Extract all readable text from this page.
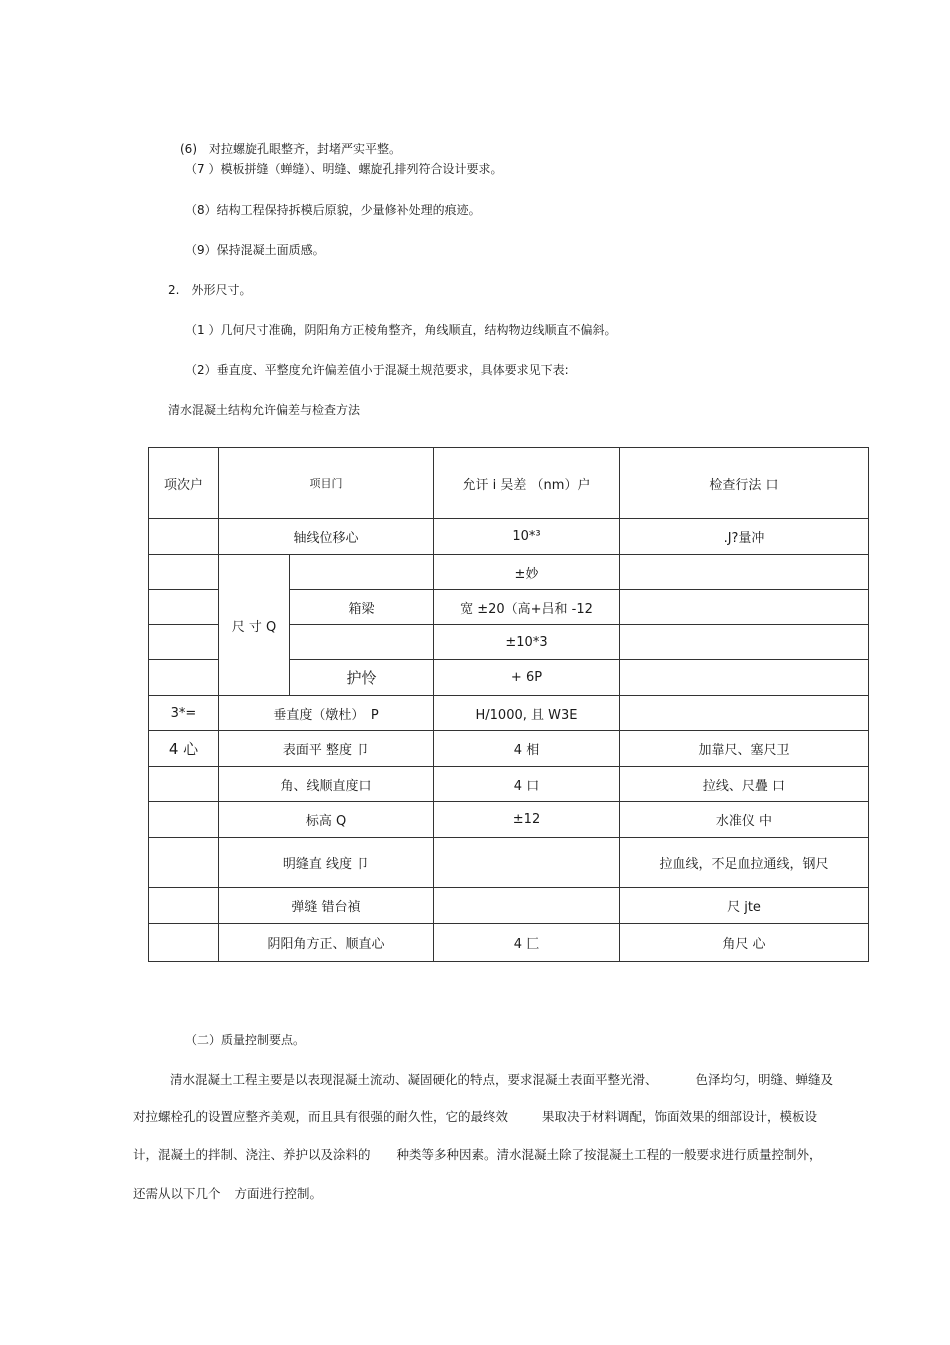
(6)　对拉螺旋孔眼整齐，封堵严实平整。
（7 ）模板拼缝（蝉缝）、明缝、螺旋孔排列符合设计要求。
（8）结构工程保持拆模后原貌，少量修补处理的痕迹。
（9）保持混凝土面质感。
2.　外形尺寸。
（1 ）几何尺寸准确，阴阳角方正棱角整齐，角线顺直，结构物边线顺直不偏斜。
（2）垂直度、平整度允许偏差值小于混凝土规范要求，具体要求见下表:
清水混凝土结构允许偏差与检查方法
项次户	项目门		允讦 i 吴差 （nm）户	检查行法 口
	轴线位移心		10*³	.J?量冲
	尺 寸 Q		±妙	
		箱梁	宽 ±20（高+吕和 -12	
			±10*3	
		护怜	+ 6P	
3*=	垂直度（燉杜）　P		H/1000, 且 W3E	
4 心	表面平 整度 卩		4 相	加靠尺、塞尺卫
	角、线顺直度口		4 口	拉线、尺疊 口
	标高 Q		±12	水准仪 中
	明缝直 线度 卩			拉血线，不足血拉通线，钢尺
	弹缝 错台禎			尺 jte
	阴阳角方正、顺直心		4 匚	角尺 心
（二）质量控制要点。
清水混凝土工程主要是以表现混凝土流动、凝固硬化的特点，要求混凝土表面平整光滑、	色泽均匀，明缝、蝉缝及
对拉螺栓孔的设置应整齐美观，而且具有很强的耐久性，它的最终效	果取决于材料调配，饰面效果的细部设计，模板设
计，混凝土的拌制、浇注、养护以及涂料的 种类等多种因素。清水混凝土除了按混凝土工程的一般要求进行质量控制外，
还需从以下几个 方面进行控制。
